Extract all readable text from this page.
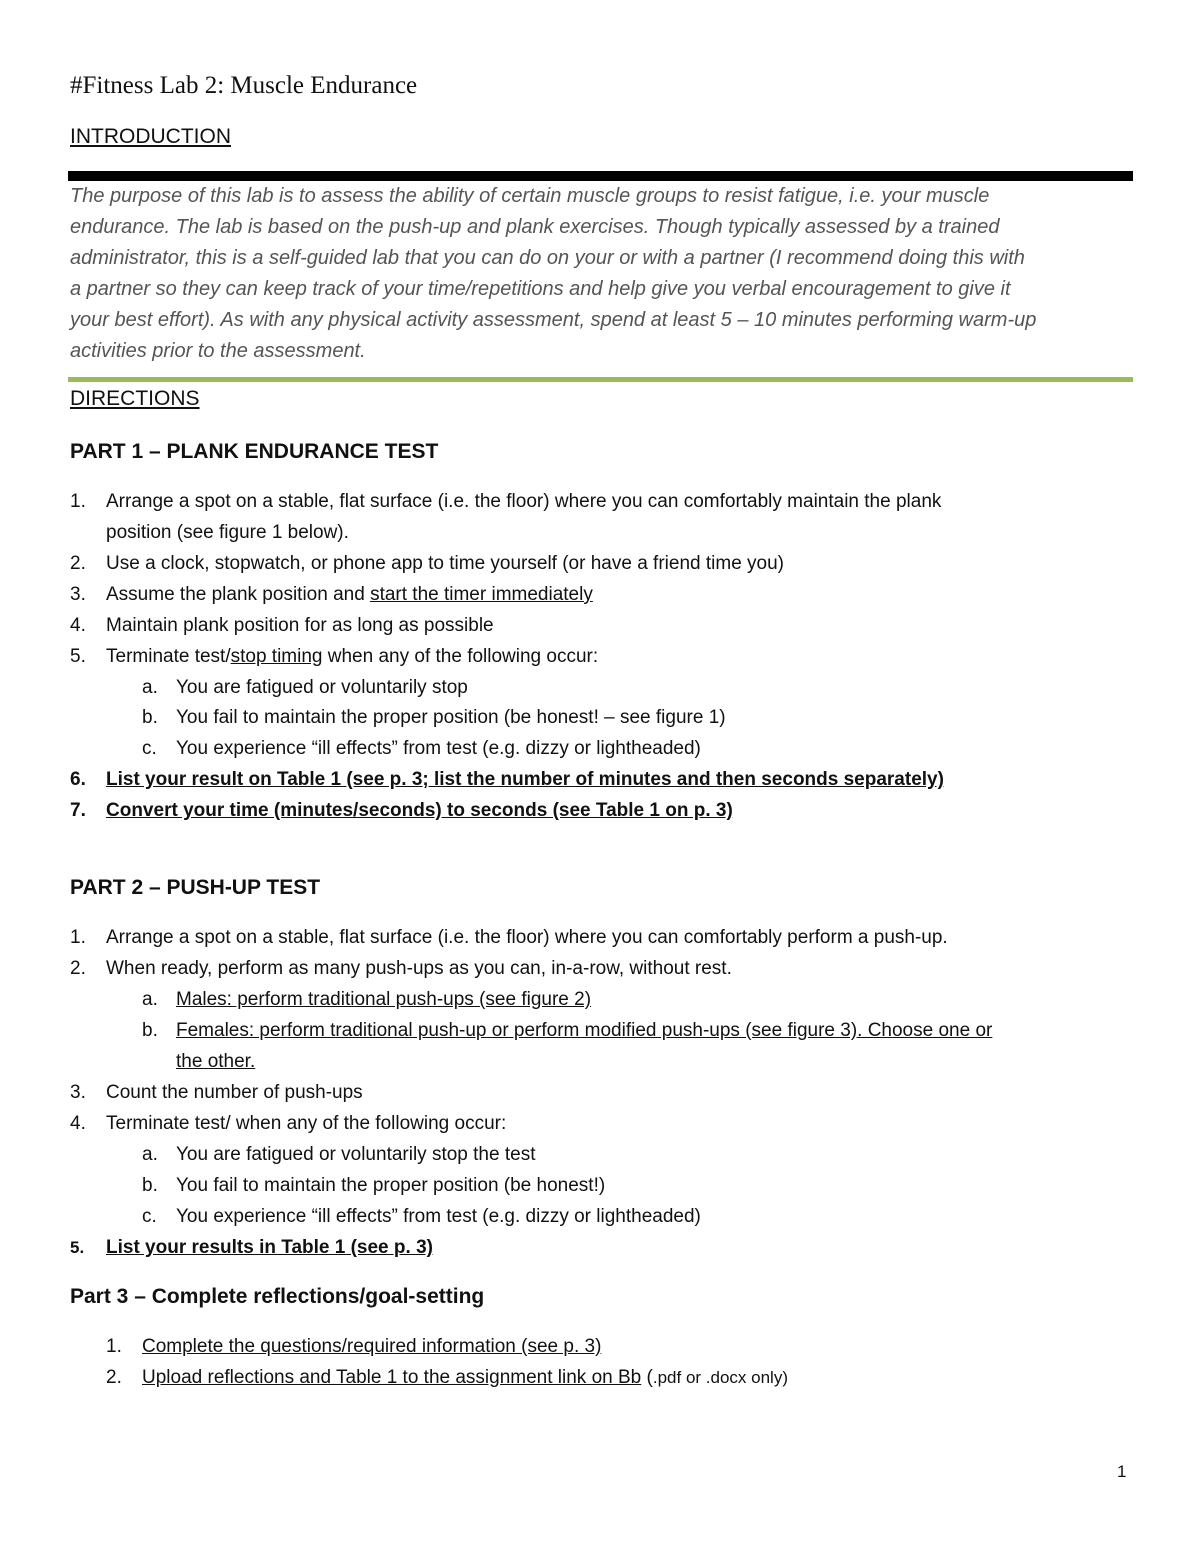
#Fitness Lab 2: Muscle Endurance
INTRODUCTION
The purpose of this lab is to assess the ability of certain muscle groups to resist fatigue, i.e. your muscle
endurance. The lab is based on the push-up and plank exercises. Though typically assessed by a trained
administrator, this is a self-guided lab that you can do on your or with a partner (I recommend doing this with
a partner so they can keep track of your time/repetitions and help give you verbal encouragement to give it
your best effort). As with any physical activity assessment, spend at least 5 – 10 minutes performing warm-up
activities prior to the assessment.
DIRECTIONS
PART 1 – PLANK ENDURANCE TEST
1. Arrange a spot on a stable, flat surface (i.e. the floor) where you can comfortably maintain the plank
position (see figure 1 below).
2. Use a clock, stopwatch, or phone app to time yourself (or have a friend time you)
3. Assume the plank position and start the timer immediately
4. Maintain plank position for as long as possible
5. Terminate test/stop timing when any of the following occur:
a. You are fatigued or voluntarily stop
b. You fail to maintain the proper position (be honest! – see figure 1)
c. You experience “ill effects” from test (e.g. dizzy or lightheaded)
6. List your result on Table 1 (see p. 3; list the number of minutes and then seconds separately)
7. Convert your time (minutes/seconds) to seconds (see Table 1 on p. 3)
PART 2 – PUSH-UP TEST
1. Arrange a spot on a stable, flat surface (i.e. the floor) where you can comfortably perform a push-up.
2. When ready, perform as many push-ups as you can, in-a-row, without rest.
a. Males: perform traditional push-ups (see figure 2)
b. Females: perform traditional push-up or perform modified push-ups (see figure 3). Choose one or
the other.
3. Count the number of push-ups
4. Terminate test/ when any of the following occur:
a. You are fatigued or voluntarily stop the test
b. You fail to maintain the proper position (be honest!)
c. You experience “ill effects” from test (e.g. dizzy or lightheaded)
5. List your results in Table 1 (see p. 3)
Part 3 – Complete reflections/goal-setting
1. Complete the questions/required information (see p. 3)
2. Upload reflections and Table 1 to the assignment link on Bb (.pdf or .docx only)
1
